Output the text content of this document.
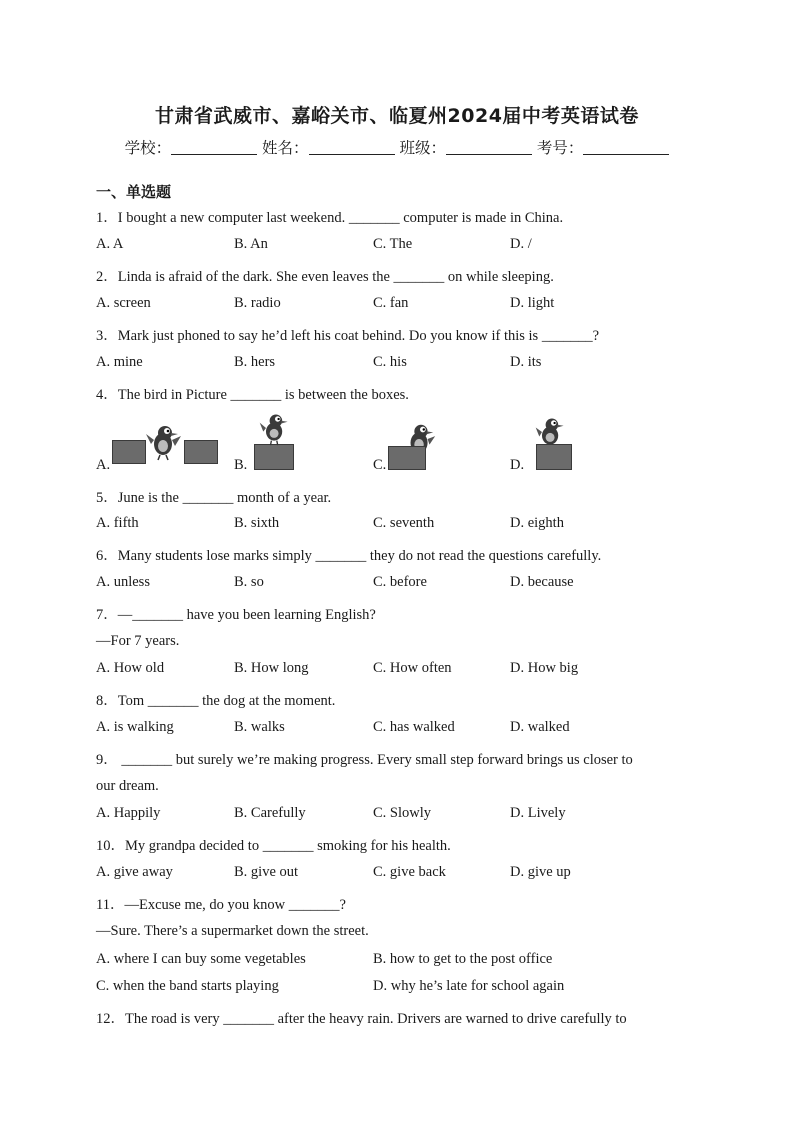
甘肃省武威市、嘉峪关市、临夏州2024届中考英语试卷
学校：	姓名：	班级：	考号：
一、单选题
1．I bought a new computer last weekend. _______ computer is made in China.
A. A	B. An	C. The	D. /
2．Linda is afraid of the dark. She even leaves the _______ on while sleeping.
A. screen	B. radio	C. fan	D. light
3．Mark just phoned to say he’d left his coat behind. Do you know if this is _______?
A. mine	B. hers	C. his	D. its
4．The bird in Picture _______ is between the boxes.
A.	B.	C.	D.
5．June is the _______ month of a year.
A. fifth	B. sixth	C. seventh	D. eighth
6．Many students lose marks simply _______ they do not read the questions carefully.
A. unless	B. so	C. before	D. because
7．—_______ have you been learning English?
—For 7 years.
A. How old	B. How long	C. How often	D. How big
8．Tom _______ the dog at the moment.
A. is walking	B. walks	C. has walked	D. walked
9． _______ but surely we’re making progress. Every small step forward brings us closer to
our dream.
A. Happily	B. Carefully	C. Slowly	D. Lively
10．My grandpa decided to _______ smoking for his health.
A. give away	B. give out	C. give back	D. give up
11．—Excuse me, do you know _______?
—Sure. There’s a supermarket down the street.
A. where I can buy some vegetables	B. how to get to the post office
C. when the band starts playing	D. why he’s late for school again
12．The road is very _______ after the heavy rain. Drivers are warned to drive carefully to
